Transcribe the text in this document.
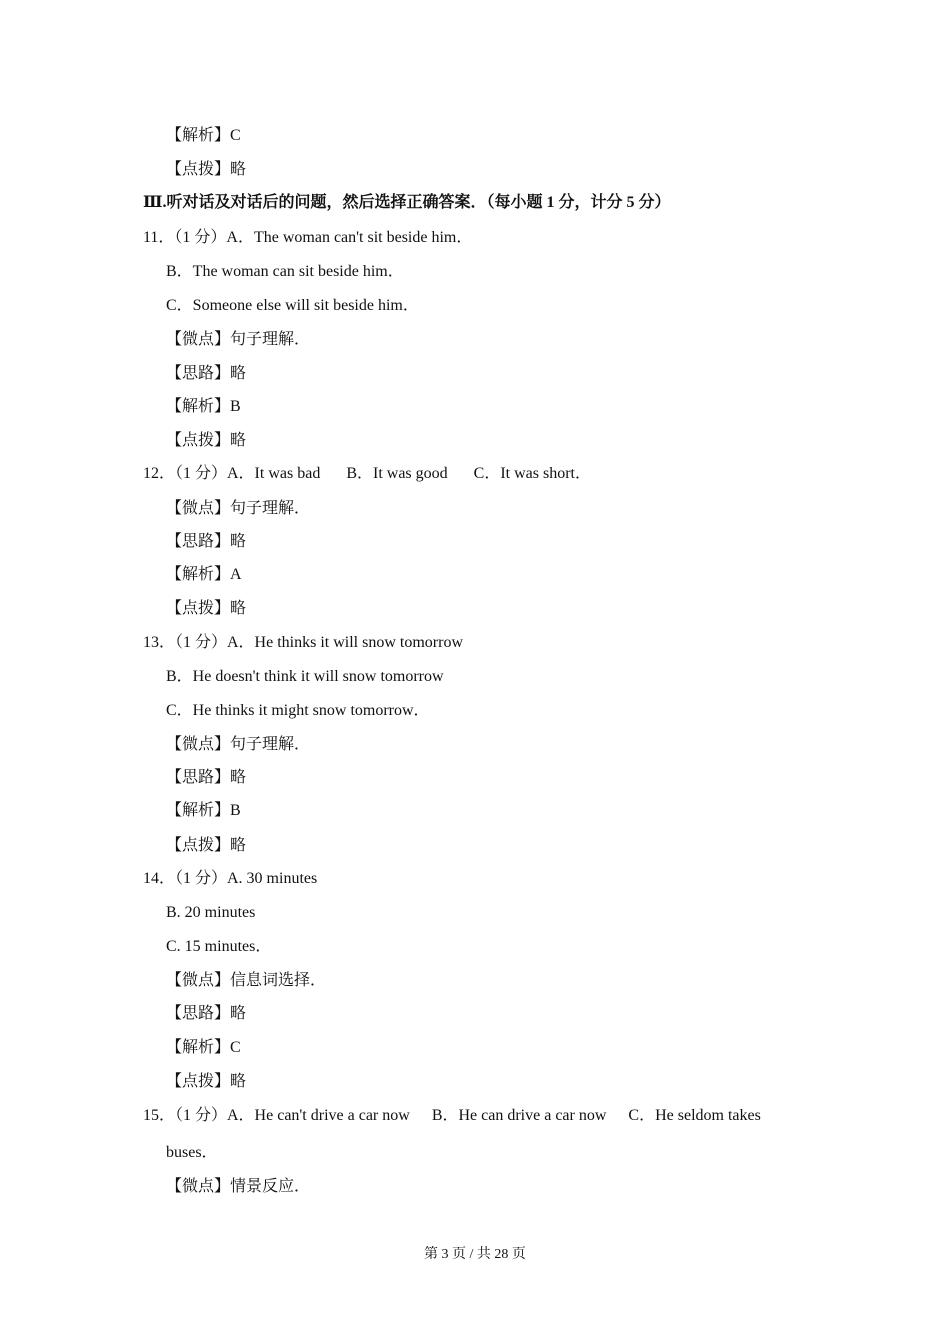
【解析】C
【点拨】略
Ⅲ.听对话及对话后的问题，然后选择正确答案．（每小题 1 分，计分 5 分）
11．（1 分）A．The woman can't sit beside him．
B．The woman can sit beside him．
C．Someone else will sit beside him．
【微点】句子理解．
【思路】略
【解析】B
【点拨】略
12．（1 分）A．It was bad B．It was good C．It was short．
【微点】句子理解．
【思路】略
【解析】A
【点拨】略
13．（1 分）A．He thinks it will snow tomorrow
B．He doesn't think it will snow tomorrow
C．He thinks it might snow tomorrow．
【微点】句子理解．
【思路】略
【解析】B
【点拨】略
14．（1 分）A. 30 minutes
B. 20 minutes
C. 15 minutes．
【微点】信息词选择．
【思路】略
【解析】C
【点拨】略
15．（1 分）A．He can't drive a car now B．He can drive a car now C．He seldom takes
buses．
【微点】情景反应．
第 3 页 / 共 28 页
